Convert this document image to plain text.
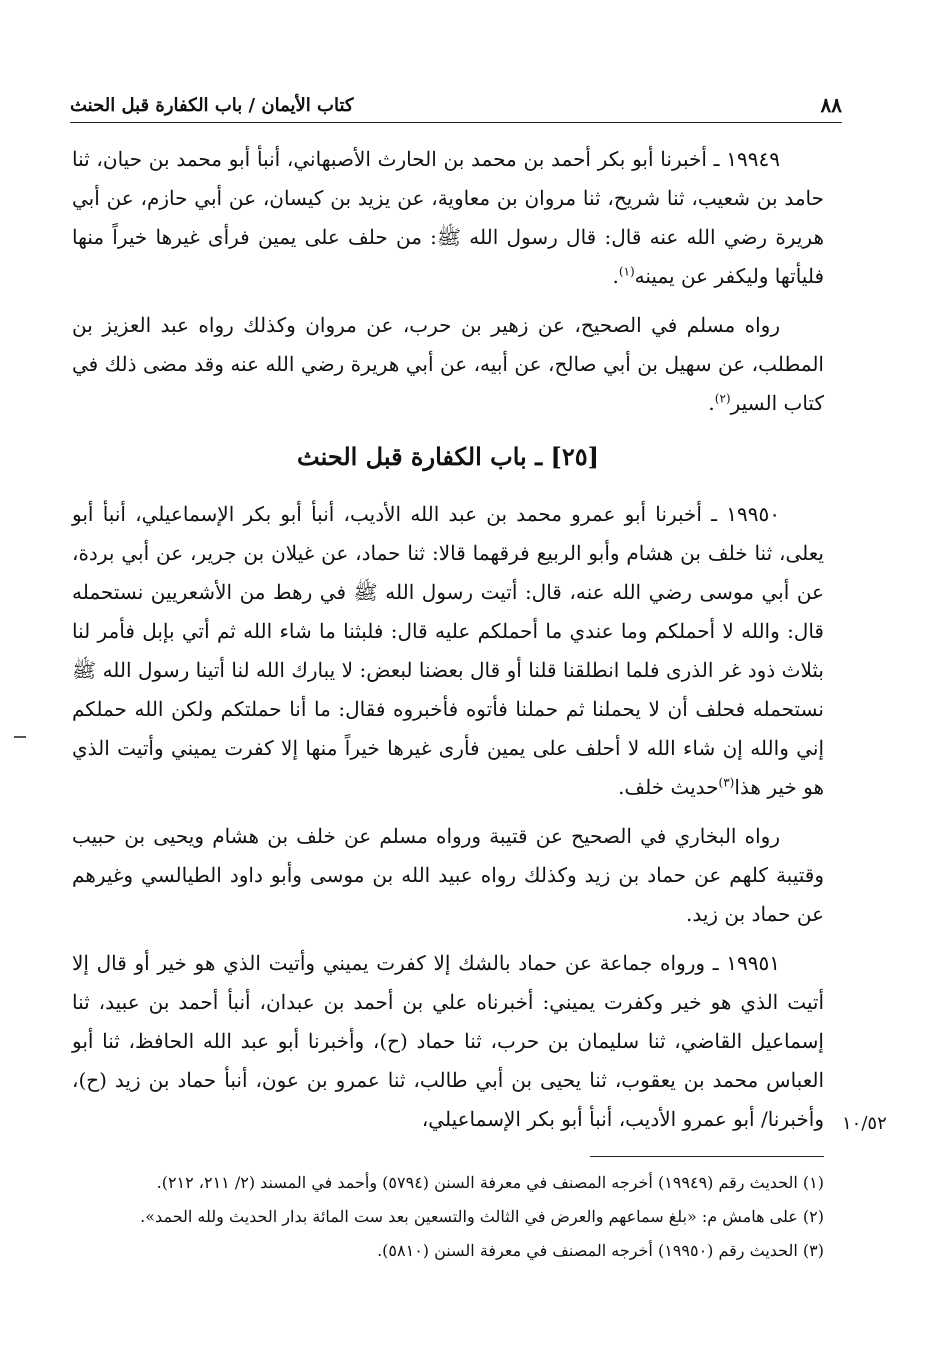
٨٨
كتاب الأيمان / باب الكفارة قبل الحنث

١٩٩٤٩ ـ أخبرنا أبو بكر أحمد بن محمد بن الحارث الأصبهاني، أنبأ أبو محمد بن حيان، ثنا حامد بن شعيب، ثنا شريح، ثنا مروان بن معاوية، عن يزيد بن كيسان، عن أبي حازم، عن أبي هريرة رضي الله عنه قال: قال رسول الله ﷺ: من حلف على يمين فرأى غيرها خيراً منها فليأتها وليكفر عن يمينه$^{(١)}$.

رواه مسلم في الصحيح، عن زهير بن حرب، عن مروان وكذلك رواه عبد العزيز بن المطلب، عن سهيل بن أبي صالح، عن أبيه، عن أبي هريرة رضي الله عنه وقد مضى ذلك في كتاب السير$^{(٢)}$.

[٢٥] ـ باب الكفارة قبل الحنث

١٩٩٥٠ ـ أخبرنا أبو عمرو محمد بن عبد الله الأديب، أنبأ أبو بكر الإسماعيلي، أنبأ أبو يعلى، ثنا خلف بن هشام وأبو الربيع فرقهما قالا: ثنا حماد، عن غيلان بن جرير، عن أبي بردة، عن أبي موسى رضي الله عنه، قال: أتيت رسول الله ﷺ في رهط من الأشعريين نستحمله قال: والله لا أحملكم وما عندي ما أحملكم عليه قال: فلبثنا ما شاء الله ثم أتي بإبل فأمر لنا بثلاث ذود غر الذرى فلما انطلقنا قلنا أو قال بعضنا لبعض: لا يبارك الله لنا أتينا رسول الله ﷺ نستحمله فحلف أن لا يحملنا ثم حملنا فأتوه فأخبروه فقال: ما أنا حملتكم ولكن الله حملكم إني والله إن شاء الله لا أحلف على يمين فأرى غيرها خيراً منها إلا كفرت يميني وأتيت الذي هو خير هذا$^{(٣)}$حديث خلف.

رواه البخاري في الصحيح عن قتيبة ورواه مسلم عن خلف بن هشام ويحيى بن حبيب وقتيبة كلهم عن حماد بن زيد وكذلك رواه عبيد الله بن موسى وأبو داود الطيالسي وغيرهم عن حماد بن زيد.

١٩٩٥١ ـ ورواه جماعة عن حماد بالشك إلا كفرت يميني وأتيت الذي هو خير أو قال إلا أتيت الذي هو خير وكفرت يميني: أخبرناه علي بن أحمد بن عبدان، أنبأ أحمد بن عبيد، ثنا إسماعيل القاضي، ثنا سليمان بن حرب، ثنا حماد (ح)، وأخبرنا أبو عبد الله الحافظ، ثنا أبو العباس محمد بن يعقوب، ثنا يحيى بن أبي طالب، ثنا عمرو بن عون، أنبأ حماد بن زيد (ح)، وأخبرنا/ أبو عمرو الأديب، أنبأ أبو بكر الإسماعيلي، ١٠/٥٢

(١) الحديث رقم (١٩٩٤٩) أخرجه المصنف في معرفة السنن (٥٧٩٤) وأحمد في المسند (٢/ ٢١١، ٢١٢).

(٢) على هامش م: «بلغ سماعهم والعرض في الثالث والتسعين بعد ست المائة بدار الحديث ولله الحمد».

(٣) الحديث رقم (١٩٩٥٠) أخرجه المصنف في معرفة السنن (٥٨١٠).
